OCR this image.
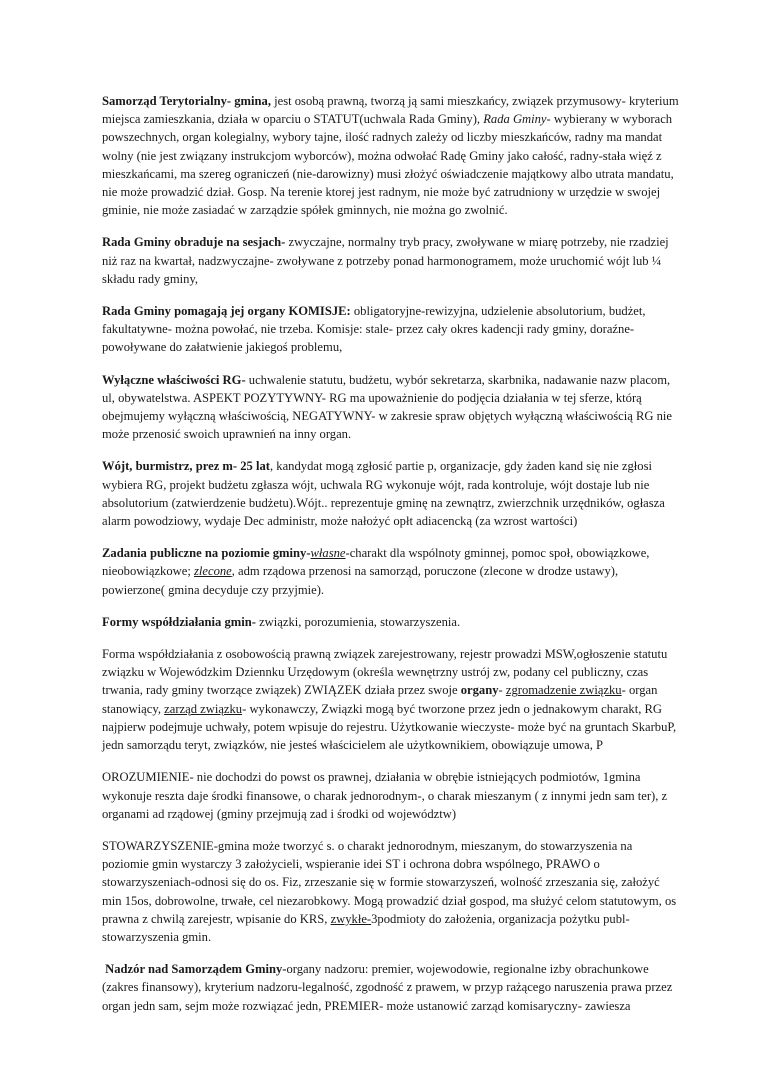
Samorząd Terytorialny- gmina, jest osobą prawną, tworzą ją sami mieszkańcy, związek przymusowy- kryterium miejsca zamieszkania, działa w oparciu o STATUT(uchwala Rada Gminy), Rada Gminy- wybierany w wyborach powszechnych, organ kolegialny, wybory tajne, ilość radnych zależy od liczby mieszkańców, radny ma mandat wolny (nie jest związany instrukcjom wyborców), można odwołać Radę Gminy jako całość, radny-stała więź z mieszkańcami, ma szereg ograniczeń (nie-darowizny) musi złożyć oświadczenie majątkowy albo utrata mandatu, nie może prowadzić dział. Gosp. Na terenie ktorej jest radnym, nie może być zatrudniony w urzędzie w swojej gminie, nie może zasiadać w zarządzie spółek gminnych, nie można go zwolnić.

Rada Gminy obraduje na sesjach- zwyczajne, normalny tryb pracy, zwoływane w miarę potrzeby, nie rzadziej niż raz na kwartał, nadzwyczajne- zwoływane z potrzeby ponad harmonogramem, może uruchomić wójt lub ¼ składu rady gminy,

Rada Gminy pomagają jej organy KOMISJE: obligatoryjne-rewizyjna, udzielenie absolutorium, budżet, fakultatywne- można powołać, nie trzeba. Komisje: stale- przez cały okres kadencji rady gminy, doraźne- powoływane do załatwienie jakiegoś problemu,

Wyłączne właściwości RG- uchwalenie statutu, budżetu, wybór sekretarza, skarbnika, nadawanie nazw placom, ul, obywatelstwa. ASPEKT POZYTYWNY- RG ma upoważnienie do podjęcia działania w tej sferze, którą obejmujemy wyłączną właściwością, NEGATYWNY- w zakresie spraw objętych wyłączną właściwością RG nie może przenosić swoich uprawnień na inny organ.

Wójt, burmistrz, prez m- 25 lat, kandydat mogą zgłosić partie p, organizacje, gdy żaden kand się nie zgłosi wybiera RG, projekt budżetu zgłasza wójt, uchwala RG wykonuje wójt, rada kontroluje, wójt dostaje lub nie absolutorium (zatwierdzenie budżetu).Wójt.. reprezentuje gminę na zewnątrz, zwierzchnik urzędników, ogłasza alarm powodziowy, wydaje Dec administr, może nałożyć opłt adiacencką (za wzrost wartości)

Zadania publiczne na poziomie gminy-własne-charakt dla wspólnoty gminnej, pomoc społ, obowiązkowe, nieobowiązkowe; zlecone, adm rządowa przenosi na samorząd, poruczone (zlecone w drodze ustawy), powierzone( gmina decyduje czy przyjmie).

Formy współdziałania gmin- związki, porozumienia, stowarzyszenia.

Forma współdziałania z osobowością prawną związek zarejestrowany, rejestr prowadzi MSW,ogłoszenie statutu związku w Wojewódzkim Dziennku Urzędowym (określa wewnętrzny ustrój zw, podany cel publiczny, czas trwania, rady gminy tworzące związek) ZWIĄZEK działa przez swoje organy- zgromadzenie związku- organ stanowiący, zarząd związku- wykonawczy, Związki mogą być tworzone przez jedn o jednakowym charakt, RG najpierw podejmuje uchwały, potem wpisuje do rejestru. Użytkowanie wieczyste- może być na gruntach SkarbuP, jedn samorządu teryt, związków, nie jesteś właścicielem ale użytkownikiem, obowiązuje umowa, P

OROZUMIENIE- nie dochodzi do powst os prawnej, działania w obrębie istniejących podmiotów, 1gmina wykonuje reszta daje środki finansowe, o charak jednorodnym-, o charak mieszanym ( z innymi jedn sam ter), z organami ad rządowej (gminy przejmują zad i środki od województw)

STOWARZYSZENIE-gmina może tworzyć s. o charakt jednorodnym, mieszanym, do stowarzyszenia na poziomie gmin wystarczy 3 założycieli, wspieranie idei ST i ochrona dobra wspólnego, PRAWO o stowarzyszeniach-odnosi się do os. Fiz, zrzeszanie się w formie stowarzyszeń, wolność zrzeszania się, założyć min 15os, dobrowolne, trwałe, cel niezarobkowy. Mogą prowadzić dział gospod, ma służyć celom statutowym, os prawna z chwilą zarejestr, wpisanie do KRS, zwykłe-3podmioty do założenia, organizacja pożytku publ-stowarzyszenia gmin.

Nadzór nad Samorządem Gminy-organy nadzoru: premier, wojewodowie, regionalne izby obrachunkowe (zakres finansowy), kryterium nadzoru-legalność, zgodność z prawem, w przyp rażącego naruszenia prawa przez organ jedn sam, sejm może rozwiązać jedn, PREMIER- może ustanowić zarząd komisaryczny- zawiesza
